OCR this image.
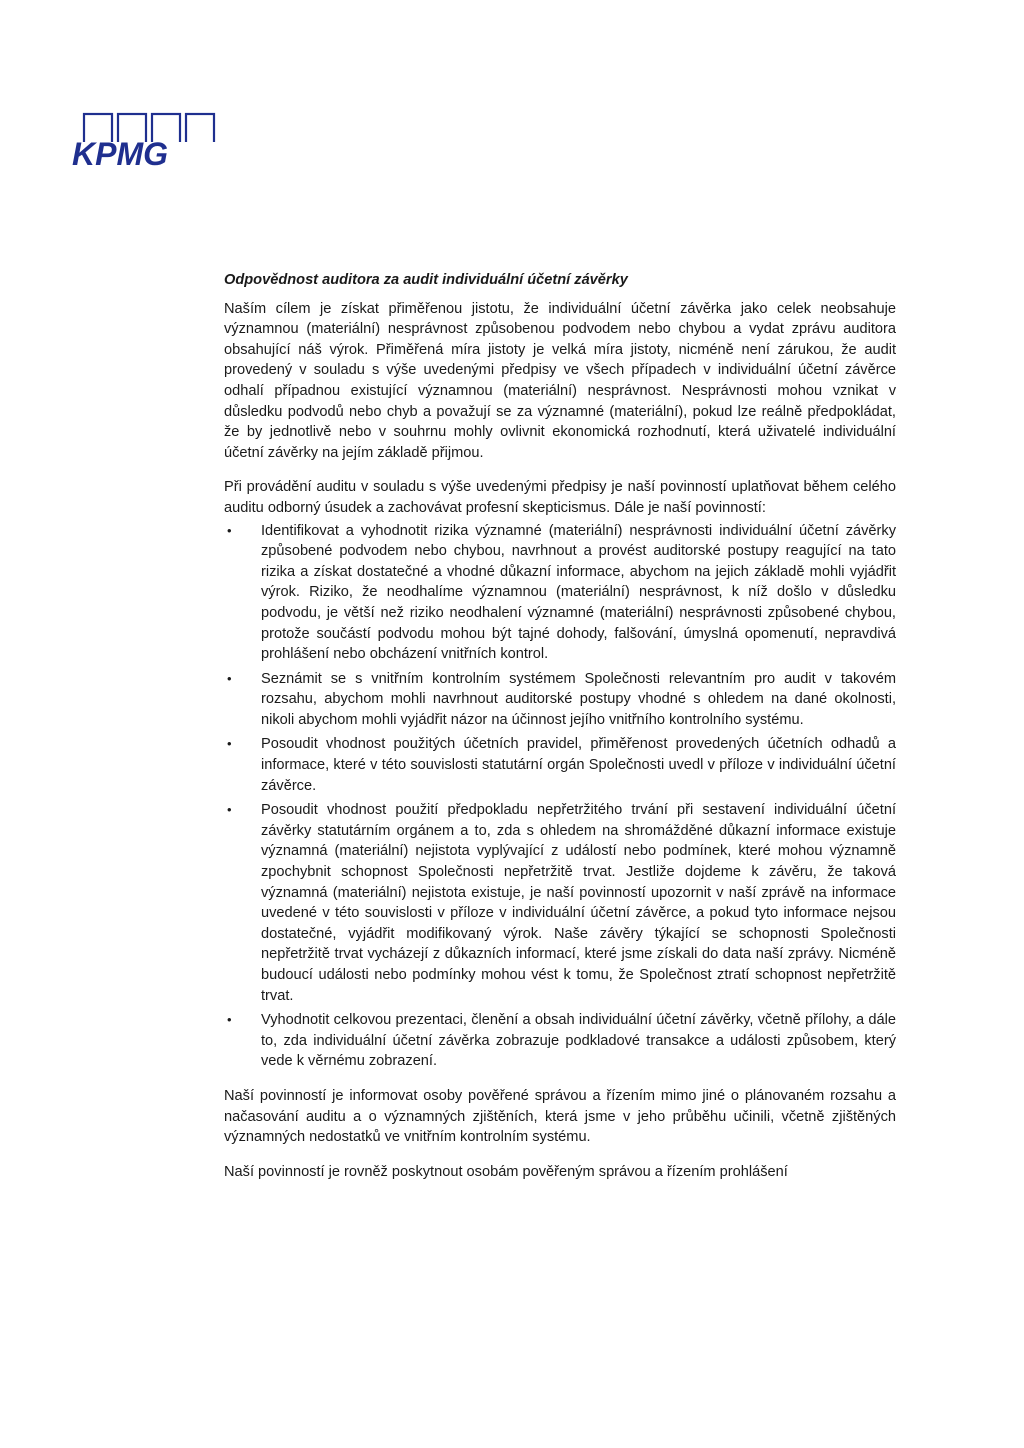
KPMG
Odpovědnost auditora za audit individuální účetní závěrky

Naším cílem je získat přiměřenou jistotu, že individuální účetní závěrka jako celek neobsahuje významnou (materiální) nesprávnost způsobenou podvodem nebo chybou a vydat zprávu auditora obsahující náš výrok. Přiměřená míra jistoty je velká míra jistoty, nicméně není zárukou, že audit provedený v souladu s výše uvedenými předpisy ve všech případech v individuální účetní závěrce odhalí případnou existující významnou (materiální) nesprávnost. Nesprávnosti mohou vznikat v důsledku podvodů nebo chyb a považují se za významné (materiální), pokud lze reálně předpokládat, že by jednotlivě nebo v souhrnu mohly ovlivnit ekonomická rozhodnutí, která uživatelé individuální účetní závěrky na jejím základě přijmou.

Při provádění auditu v souladu s výše uvedenými předpisy je naší povinností uplatňovat během celého auditu odborný úsudek a zachovávat profesní skepticismus. Dále je naší povinností:

• Identifikovat a vyhodnotit rizika významné (materiální) nesprávnosti individuální účetní závěrky způsobené podvodem nebo chybou, navrhnout a provést auditorské postupy reagující na tato rizika a získat dostatečné a vhodné důkazní informace, abychom na jejich základě mohli vyjádřit výrok. Riziko, že neodhalíme významnou (materiální) nesprávnost, k níž došlo v důsledku podvodu, je větší než riziko neodhalení významné (materiální) nesprávnosti způsobené chybou, protože součástí podvodu mohou být tajné dohody, falšování, úmyslná opomenutí, nepravdivá prohlášení nebo obcházení vnitřních kontrol.
• Seznámit se s vnitřním kontrolním systémem Společnosti relevantním pro audit v takovém rozsahu, abychom mohli navrhnout auditorské postupy vhodné s ohledem na dané okolnosti, nikoli abychom mohli vyjádřit názor na účinnost jejího vnitřního kontrolního systému.
• Posoudit vhodnost použitých účetních pravidel, přiměřenost provedených účetních odhadů a informace, které v této souvislosti statutární orgán Společnosti uvedl v příloze v individuální účetní závěrce.
• Posoudit vhodnost použití předpokladu nepřetržitého trvání při sestavení individuální účetní závěrky statutárním orgánem a to, zda s ohledem na shromážděné důkazní informace existuje významná (materiální) nejistota vyplývající z událostí nebo podmínek, které mohou významně zpochybnit schopnost Společnosti nepřetržitě trvat. Jestliže dojdeme k závěru, že taková významná (materiální) nejistota existuje, je naší povinností upozornit v naší zprávě na informace uvedené v této souvislosti v příloze v individuální účetní závěrce, a pokud tyto informace nejsou dostatečné, vyjádřit modifikovaný výrok. Naše závěry týkající se schopnosti Společnosti nepřetržitě trvat vycházejí z důkazních informací, které jsme získali do data naší zprávy. Nicméně budoucí události nebo podmínky mohou vést k tomu, že Společnost ztratí schopnost nepřetržitě trvat.
• Vyhodnotit celkovou prezentaci, členění a obsah individuální účetní závěrky, včetně přílohy, a dále to, zda individuální účetní závěrka zobrazuje podkladové transakce a události způsobem, který vede k věrnému zobrazení.

Naší povinností je informovat osoby pověřené správou a řízením mimo jiné o plánovaném rozsahu a načasování auditu a o významných zjištěních, která jsme v jeho průběhu učinili, včetně zjištěných významných nedostatků ve vnitřním kontrolním systému.

Naší povinností je rovněž poskytnout osobám pověřeným správou a řízením prohlášení
